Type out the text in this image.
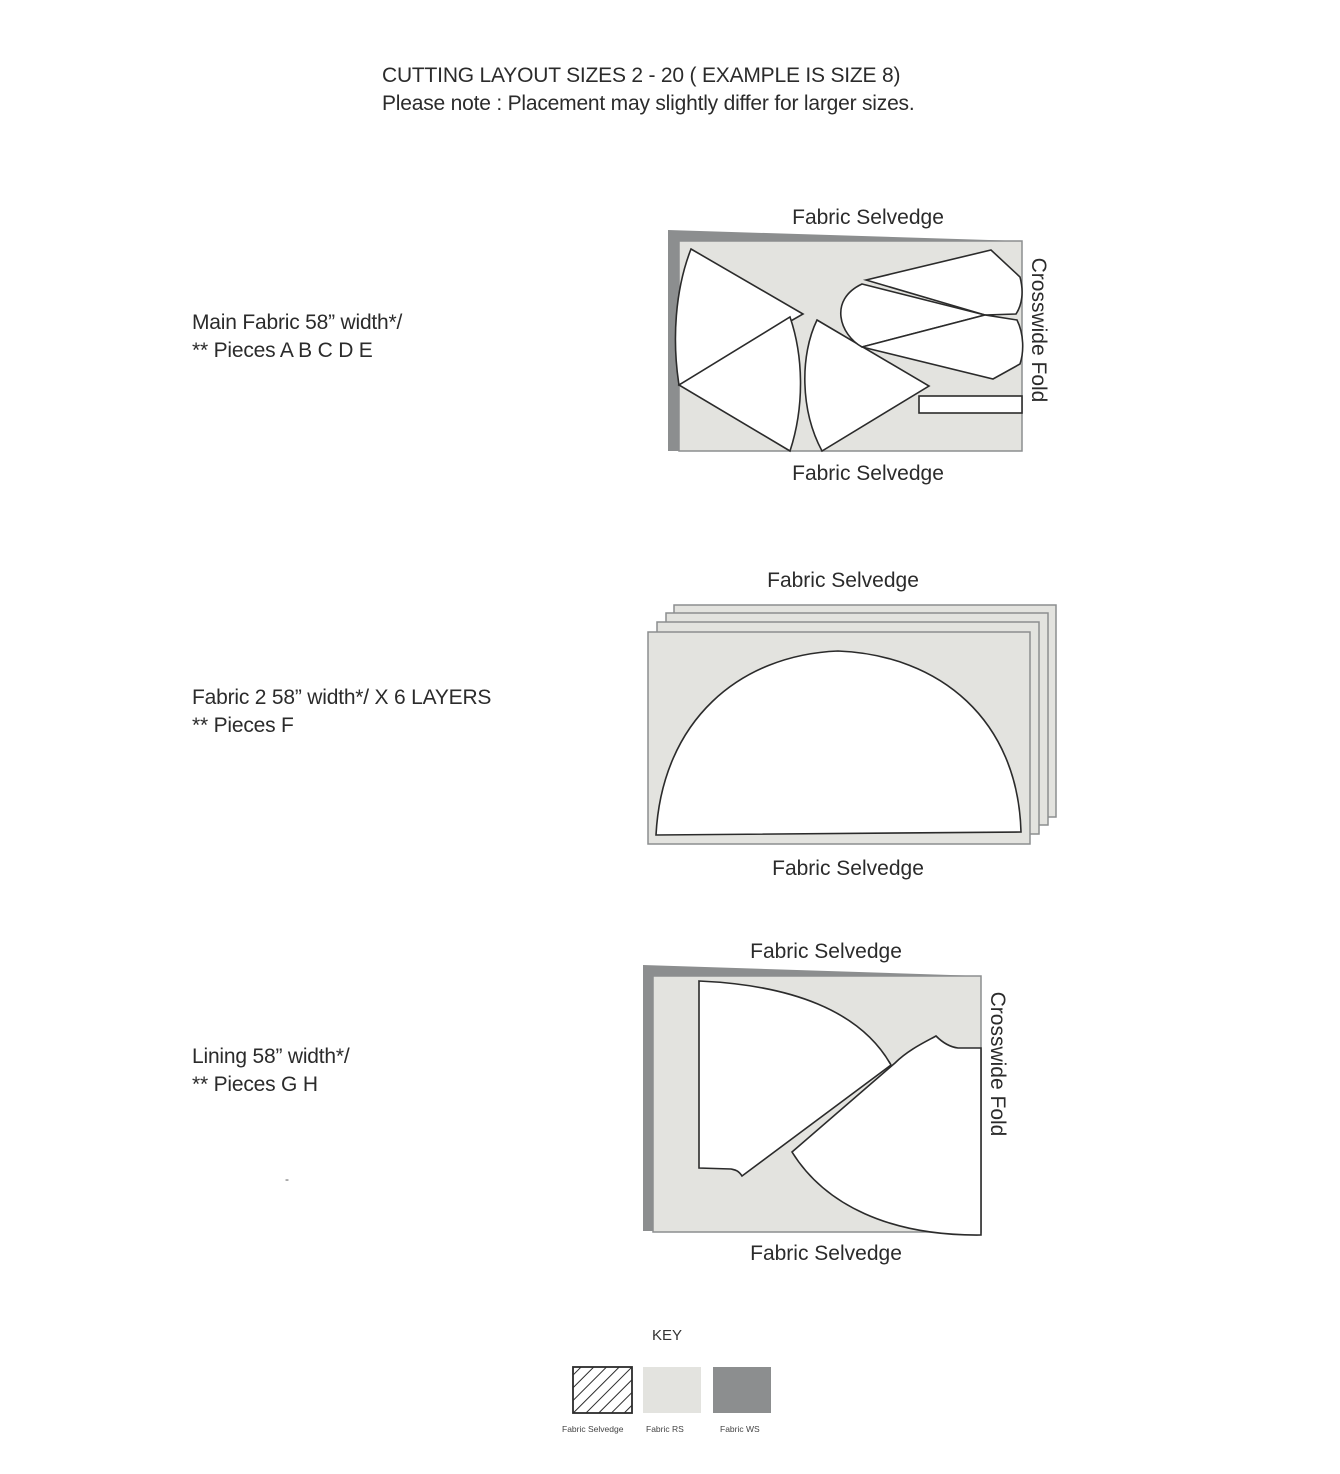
CUTTING LAYOUT SIZES 2 - 20 ( EXAMPLE IS SIZE 8)
Please note : Placement may slightly differ for larger sizes.
Main Fabric 58” width*/
** Pieces A B C D E
Fabric 2 58” width*/ X 6 LAYERS
** Pieces F
Lining 58” width*/
** Pieces G H
-
Fabric Selvedge
Fabric Selvedge
Crosswide Fold
Fabric Selvedge
Fabric Selvedge
Fabric Selvedge
Fabric Selvedge
Crosswide Fold
KEY
Fabric Selvedge	Fabric RS	Fabric WS
